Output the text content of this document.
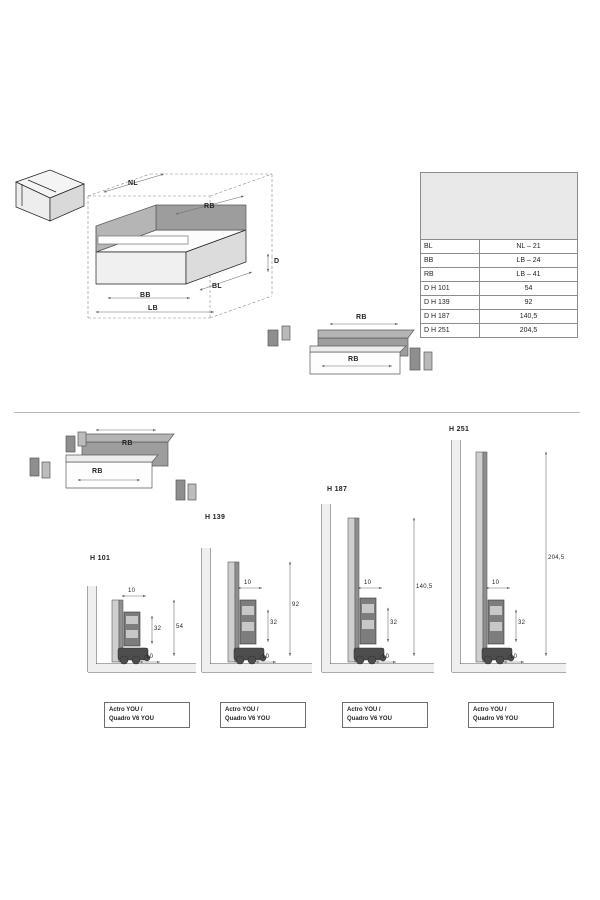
NL
RB
D
BB
BL
LB
RB
RB
RB
RB

BL	NL – 21
BB	LB – 24
RB	LB – 41
D H 101	54
D H 139	92
D H 187	140,5
D H 251	204,5
H 101
H 139
H 187
H 251
10
32 54
10
10
32
92
10
10
32
140,5
10
10
32
204,5
10
Actro YOU /
Quadro V6 YOU
Actro YOU /
Quadro V6 YOU
Actro YOU /
Quadro V6 YOU
Actro YOU /
Quadro V6 YOU
